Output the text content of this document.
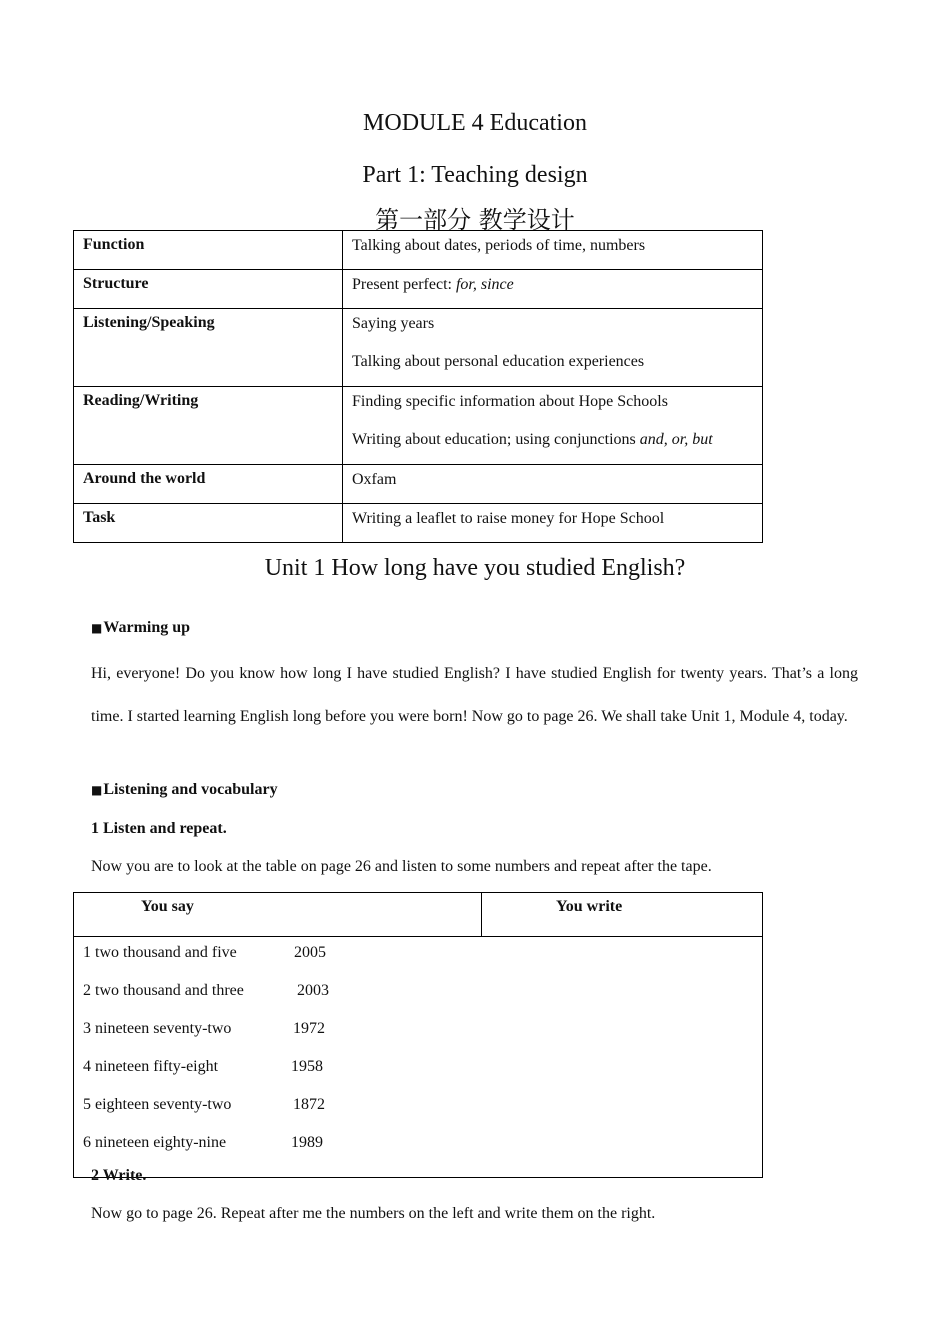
MODULE 4 Education
Part 1: Teaching design
第一部分 教学设计
Function	Talking about dates, periods of time, numbers

Structure	Present perfect: for, since

Listening/Speaking	Saying years

Talking about personal education experiences

Reading/Writing	Finding specific information about Hope Schools

Writing about education; using conjunctions and, or, but

Around the world	Oxfam

Task	Writing a leaflet to raise money for Hope School

Unit 1 How long have you studied English?
■Warming up
Hi, everyone! Do you know how long I have studied English? I have studied English for twenty years. That’s a long time. I started learning English long before you were born! Now go to page 26. We shall take Unit 1, Module 4, today.
■Listening and vocabulary
1 Listen and repeat.
Now you are to look at the table on page 26 and listen to some numbers and repeat after the tape.
You say	You write

1 two thousand and five	2005
2 two thousand and three	2003
3 nineteen seventy-two	1972
4 nineteen fifty-eight	1958
5 eighteen seventy-two	1872
6 nineteen eighty-nine	1989
2 Write.
Now go to page 26. Repeat after me the numbers on the left and write them on the right.
